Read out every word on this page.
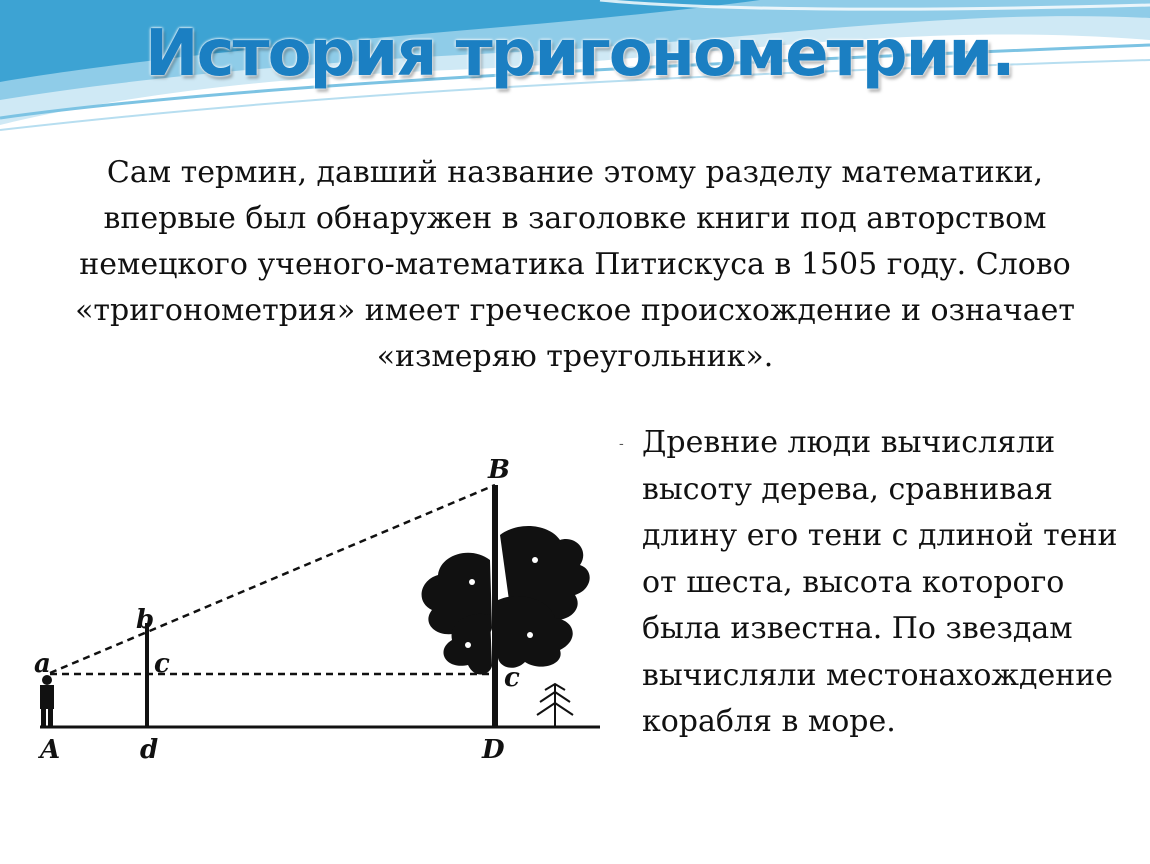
История тригонометрии.

Сам термин, давший название этому разделу математики, впервые был обнаружен в заголовке книги под авторством немецкого ученого-математика Питискуса в 1505 году. Слово «тригонометрия» имеет греческое происхождение и означает «измеряю треугольник».

a
b
c
A	d
B
c
D
- Древние люди вычисляли высоту дерева, сравнивая длину его тени с длиной тени от шеста, высота которого была известна. По звездам вычисляли местонахождение корабля в море.
